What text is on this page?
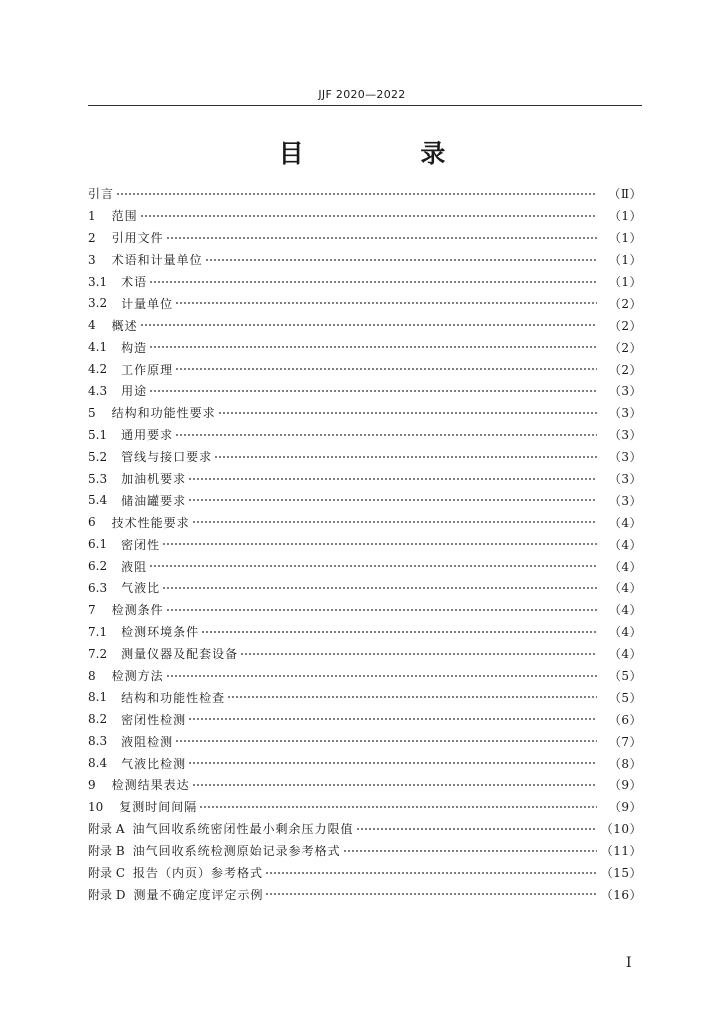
JJF 2020—2022
目 录
引言	（Ⅱ）
1 范围	（1）
2 引用文件	（1）
3 术语和计量单位	（1）
3.1 术语	（1）
3.2 计量单位	（2）
4 概述	（2）
4.1 构造	（2）
4.2 工作原理	（2）
4.3 用途	（3）
5 结构和功能性要求	（3）
5.1 通用要求	（3）
5.2 管线与接口要求	（3）
5.3 加油机要求	（3）
5.4 储油罐要求	（3）
6 技术性能要求	（4）
6.1 密闭性	（4）
6.2 液阻	（4）
6.3 气液比	（4）
7 检测条件	（4）
7.1 检测环境条件	（4）
7.2 测量仪器及配套设备	（4）
8 检测方法	（5）
8.1 结构和功能性检查	（5）
8.2 密闭性检测	（6）
8.3 液阻检测	（7）
8.4 气液比检测	（8）
9 检测结果表达	（9）
10 复测时间间隔	（9）
附录 A 油气回收系统密闭性最小剩余压力限值	（10）
附录 B 油气回收系统检测原始记录参考格式	（11）
附录 C 报告（内页）参考格式	（15）
附录 D 测量不确定度评定示例	（16）
I
